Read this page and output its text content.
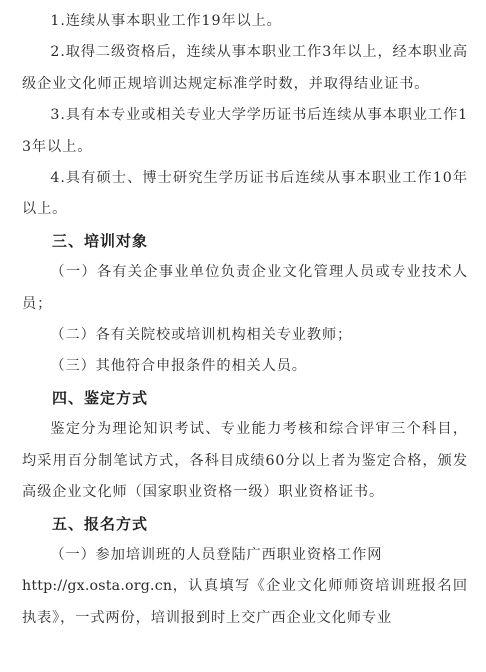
1.连续从事本职业工作19年以上。

2.取得二级资格后，连续从事本职业工作3年以上，经本职业高级企业文化师正规培训达规定标准学时数，并取得结业证书。

3.具有本专业或相关专业大学学历证书后连续从事本职业工作13年以上。

4.具有硕士、博士研究生学历证书后连续从事本职业工作10年以上。

三、培训对象

（一）各有关企事业单位负责企业文化管理人员或专业技术人员；

（二）各有关院校或培训机构相关专业教师；

（三）其他符合申报条件的相关人员。

四、鉴定方式

鉴定分为理论知识考试、专业能力考核和综合评审三个科目，均采用百分制笔试方式，各科目成绩60分以上者为鉴定合格，颁发高级企业文化师（国家职业资格一级）职业资格证书。

五、报名方式

（一）参加培训班的人员登陆广西职业资格工作网

http://gx.osta.org.cn，认真填写《企业文化师师资培训班报名回执表》，一式两份，培训报到时上交广西企业文化师专业
